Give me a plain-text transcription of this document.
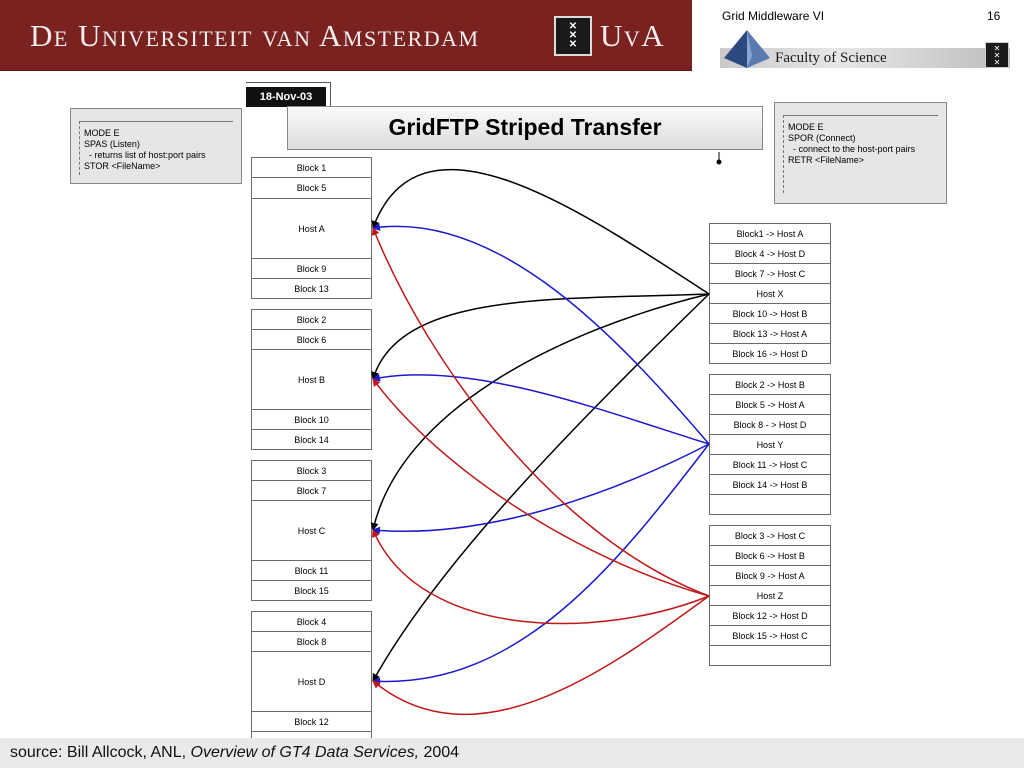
De Universiteit van Amsterdam	✕
✕
✕ UvA
Grid Middleware VI	16
Faculty of Science
✕
✕
✕
18-Nov-03
GridFTP Striped Transfer
MODE E
SPAS (Listen)
- returns list of host:port pairs
STOR <FileName>
MODE E
SPOR (Connect)
- connect to the host-port pairs
RETR <FileName>
Block 1
Block 5
Host A
Block 9
Block 13
Block 2
Block 6
Host B
Block 10
Block 14
Block 3
Block 7
Host C
Block 11
Block 15
Block 4
Block 8
Host D
Block 12
Block1 -> Host A
Block 4 -> Host D
Block 7 -> Host C
Host X
Block 10 -> Host B
Block 13 -> Host A
Block 16 -> Host D
Block 2 -> Host B
Block 5 -> Host A
Block 8 - > Host D
Host Y
Block 11 -> Host C
Block 14 -> Host B
Block 3 -> Host C
Block 6 -> Host B
Block 9 -> Host A
Host Z
Block 12 -> Host D
Block 15 -> Host C
source: Bill Allcock, ANL, Overview of GT4 Data Services, 2004
